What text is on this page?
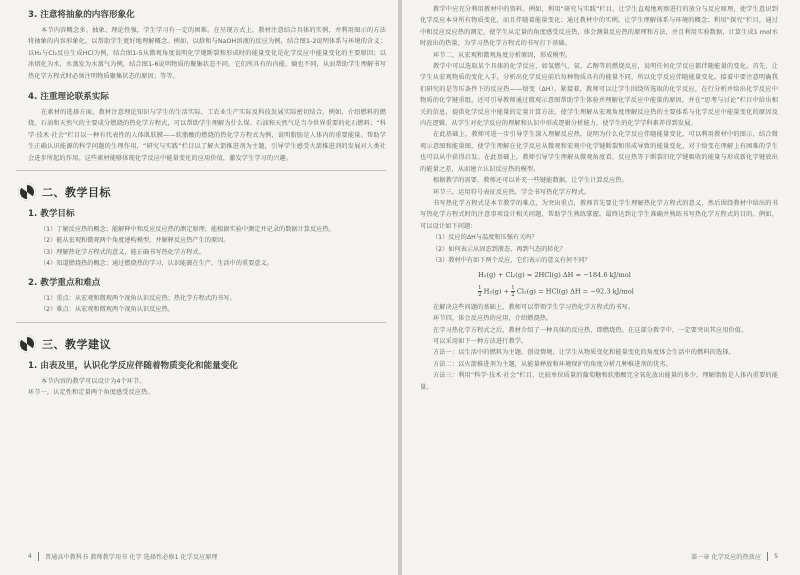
3. 注意将抽象的内容形象化

本节内容概念多、抽象、理论性强，学生学习有一定的困难。在呈现方式上，教材注意结合具体的实例，并利用图示的方法将抽象的内容形象化，以帮助学生更好地理解概念。例如，以焓和与NaOH溶液的反应为例，结合图1-2说明体系与环境的含义；以H₂与Cl₂反应生成HCl为例，结合图1-5从微观角度说明化学键断裂和形成时的能量变化是化学反应中能量变化的主要原因；以冰熔化为水，水蒸发为水蒸气为例，结合图1-6说明物质的聚集状态不同，它们所具有的内能、熵也不同，从而帮助学生理解书写热化学方程式时必须注明物质聚集状态的原因；等等。

4. 注重理论联系实际

在素材的选择方面，教材注意理论知识与学生的生活实际、工农业生产实际及科技发展实际密切结合。例如，介绍燃料的燃烧、石油和天然气的主要成分燃烧的热化学方程式，可以帮助学生理解为什么煤、石油和天然气是当今世界重要的化石燃料；“科学·技术·社会”栏目以一种有代表性的人体肌肤膜——软脂酸的燃烧的热化学方程式为例，说明脂肪是人体内的重要能量。帮助学生正确认识能源的科学问题的生理作用，“研究与实践”栏目以了解火箭推进剂为主题，引导学生感受火箭推进剂的发展对人类社会进步所起的作用。这些素材能够体现化学反应中能量变化的应用价值，激发学生学习的兴趣。

二、教学目标
1. 教学目标

（1）了解反应热的概念；能解释中和反应反应热的测定原理，能根据实验中测定并记录的数据计算反应热。

（2）能从宏观和微观两个角度建构模型，并解释反应热产生的原因。

（3）理解热化学方程式的意义，能正确书写热化学方程式。

（4）知道燃烧热的概念；通过燃烧热的学习，认识能源在生产、生活中的重要意义。

2. 教学重点和难点

（1）重点：从宏观和微观两个视角认识反应热；热化学方程式的书写。

（2）难点：从宏观和微观两个视角认识反应热。

三、教学建议
1. 由表及里，认识化学反应伴随着物质变化和能量变化

本节内容的教学可以设计为4个环节。

环节一，认定性和定量两个角度感受反应热。

教学中应充分利用教材中的资料。例如，利用“研究与实践”栏目，让学生直观地观察进行的放分与反应原理，使学生意识到化学反应本身所有物质变化，而且伴随着能量变化；通过教材中的实例，让学生理解体系与环境的概念；利用“探究”栏目，通过中和反应反应热的测定，使学生从定量的角度感受反应热，体会测量反应热的原理和方法，并且利用实验数据，计算生成1 mol水时放出的热量，为学习热化学方程式的书写打下基础。

环节二，从宏观和微观角度分析原因，形成模型。

教学中可以选取某个具体的化学反应，如氢燃气、氨、乙醇等的燃烧反应，说明任何化学反应都伴随能量的变化。首先，让学生从宏观物质的变化入手，分析出化学反应前后每种物质具有的能量不同，所以化学反应伴随能量变化。接着中要注意明确我们研究的是等压条件下的反应热——焓变（ΔH）。紧接着，教师可以让学生围绕所选取的化学反应，在行分析并给出化学反应中物质的化学键重组。还可引导教师通过微观示意图帮助学生体验并理解化学反应中能量的原因，并在“思考与讨论”栏目中给出相关的信息，提供化学反应中能量的定量计算方法，使学生理解从宏观角度理解反应热的主要体系与化学反应中能量变化的原因及内在逻辑，从学生对化学反应的理解和认识中形成逻辑分析能力，使学生的化学学科素养得到发展。

在此基础上，教师可进一步引导学生深入理解反应热，说明为什么化学反应伴随能量变化，可以利用教材中的图示，结合微观示意图和能量图，使学生理解在化学反应从微观和宏观中化学键断裂和形成导致的能量变化，对于焓变在理解上有困难的学生也可以从中获得启发。在此基础上，教师引导学生理解从微观角度看，反应热等于断裂旧化学键吸收的能量与形成新化学键放出的能量之差，从而建立认识反应热的模型。

根据教学的需要，教师还可以补充一些键能数据，让学生计算反应热。

环节三，运用符号表征反应热，学会书写热化学方程式。

书写热化学方程式是本节教学的难点，为突出重点，教师首先要让学生理解热化学方程式的意义，然后围绕教材中给出的书写热化学方程式时的注意事项设计相关问题，帮助学生熟练掌握。最终达到让学生准确并熟练书写热化学方程式的目的。例如，可以设计如下问题：

（1）反应的ΔH与温度和压强有关吗？

（2）如何表示从固态到液态、再到气态的转化？

（3）教材中有如下两个反应，它们表示的意义有何不同？

H₂(g) + Cl₂(g) = 2HCl(g) ΔH = −184.6 kJ/mol
$\frac{1}{2} H_2(g) + \frac{1}{2} Cl_2(g) = HCl(g) \Delta H = -92.3$ kJ/mol

在解决这些问题的基础上，教师可以带领学生学习热化学方程式的书写。

环节四，体会反应热的应用，介绍燃烧热。

在学习热化学方程式之后，教材介绍了一种具体的反应热，即燃烧热。在这部分教学中，一定要突出其应用价值。

可以采用如下一种方法进行教学。

方法一：以生活中的燃料为主题，创设情境，让学生从物质变化和能量变化的角度体会生活中的燃料的选择。

方法二：以火箭推进剂为主题，从能量释放和环境保护的角度分析几种推进剂的优劣。

方法三：利用“科学·技术·社会”栏目，比较单位质量的葡萄糖和软脂酸完全氧化放出能量的多少，理解脂肪是人体内重要的能量。

4 普通高中教科书 教师教学用书 化学 选择性必修1 化学反应原理	第一章 化学反应的热效应 5
